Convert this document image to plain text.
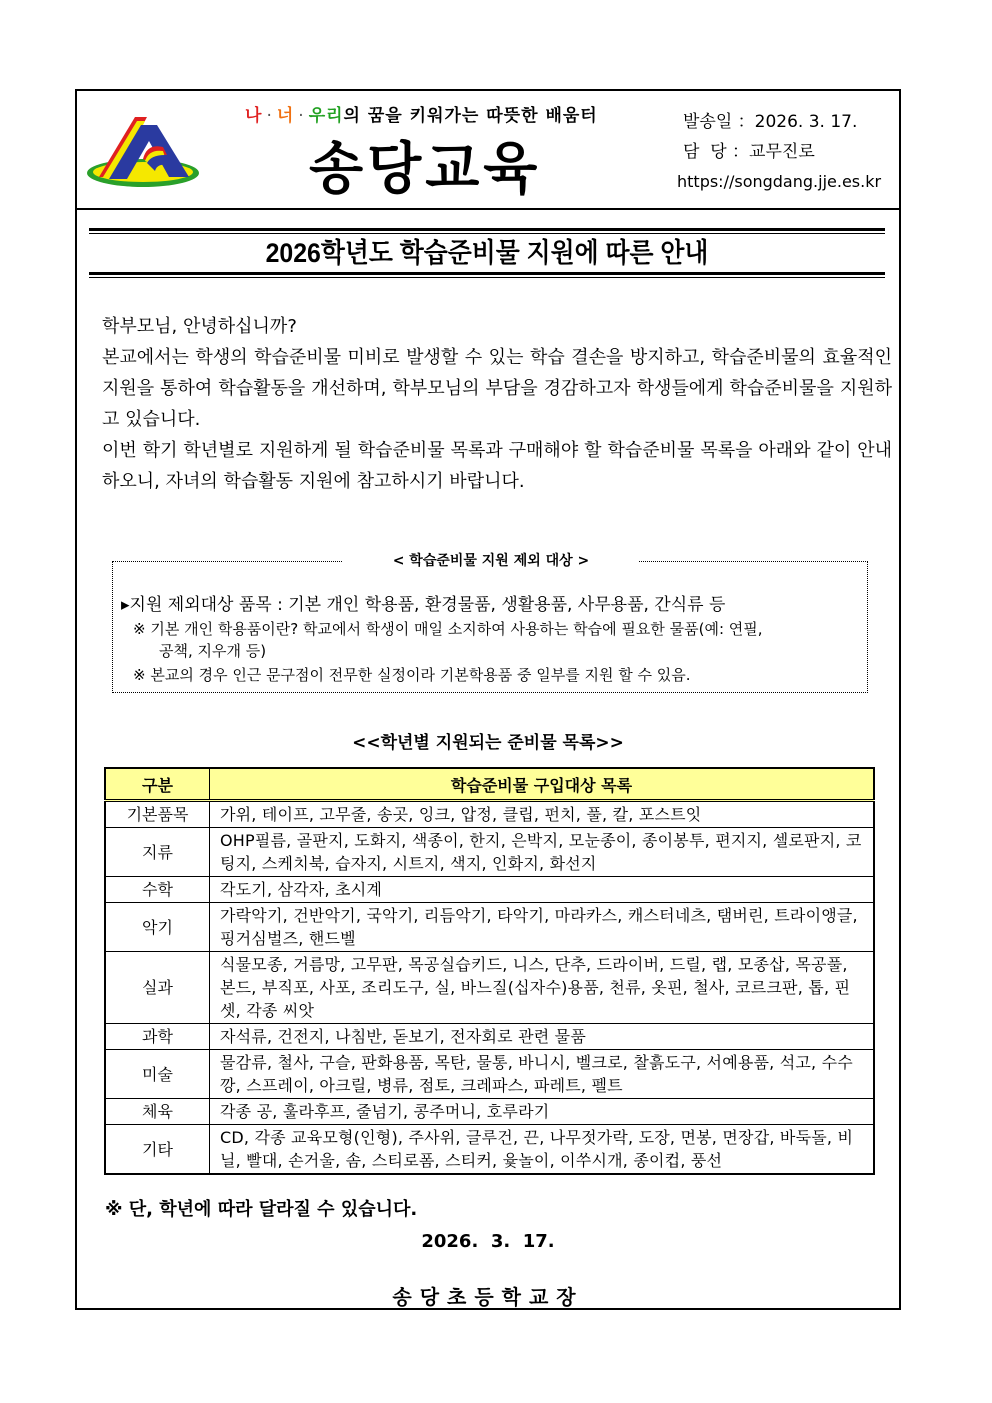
나 · 너 · 우리의 꿈을 키워가는 따뜻한 배움터
송당교육
발송일 ：2026. 3. 17.
담  당 ：교무진로
https://songdang.jje.es.kr
2026학년도 학습준비물 지원에 따른 안내

학부모님, 안녕하십니까?

본교에서는 학생의 학습준비물 미비로 발생할 수 있는 학습 결손을 방지하고, 학습준비물의 효율적인 지원을 통하여 학습활동을 개선하며, 학부모님의 부담을 경감하고자 학생들에게 학습준비물을 지원하고 있습니다.

이번 학기 학년별로 지원하게 될 학습준비물 목록과 구매해야 할 학습준비물 목록을 아래와 같이 안내하오니, 자녀의 학습활동 지원에 참고하시기 바랍니다.

< 학습준비물 지원 제외 대상 >
▸지원 제외대상 품목 : 기본 개인 학용품, 환경물품, 생활용품, 사무용품, 간식류 등
※ 기본 개인 학용품이란? 학교에서 학생이 매일 소지하여 사용하는 학습에 필요한 물품(예: 연필,
공책, 지우개 등)
※ 본교의 경우 인근 문구점이 전무한 실정이라 기본학용품 중 일부를 지원 할 수 있음.
<<학년별 지원되는 준비물 목록>>
구분	학습준비물 구입대상 목록
기본품목	가위, 테이프, 고무줄, 송곳, 잉크, 압정, 클립, 펀치, 풀, 칼, 포스트잇
지류	OHP필름, 골판지, 도화지, 색종이, 한지, 은박지, 모눈종이, 종이봉투, 편지지, 셀로판지, 코팅지, 스케치북, 습자지, 시트지, 색지, 인화지, 화선지
수학	각도기, 삼각자, 초시계
악기	가락악기, 건반악기, 국악기, 리듬악기, 타악기, 마라카스, 캐스터네츠, 탬버린, 트라이앵글, 핑거심벌즈, 핸드벨
실과	식물모종, 거름망, 고무판, 목공실습키드, 니스, 단추, 드라이버, 드릴, 랩, 모종삽, 목공풀, 본드, 부직포, 사포, 조리도구, 실, 바느질(십자수)용품, 천류, 옷핀, 철사, 코르크판, 톱, 핀셋, 각종 씨앗
과학	자석류, 건전지, 나침반, 돋보기, 전자회로 관련 물품
미술	물감류, 철사, 구슬, 판화용품, 목탄, 물통, 바니시, 벨크로, 찰흙도구, 서예용품, 석고, 수수깡, 스프레이, 아크릴, 병류, 점토, 크레파스, 파레트, 펠트
체육	각종 공, 훌라후프, 줄넘기, 콩주머니, 호루라기
기타	CD, 각종 교육모형(인형), 주사위, 글루건, 끈, 나무젓가락, 도장, 면봉, 면장갑, 바둑돌, 비닐, 빨대, 손거울, 솜, 스티로폼, 스티커, 윷놀이, 이쑤시개, 종이컵, 풍선
※ 단, 학년에 따라 달라질 수 있습니다.
2026.  3.  17.
송당초등학교장
